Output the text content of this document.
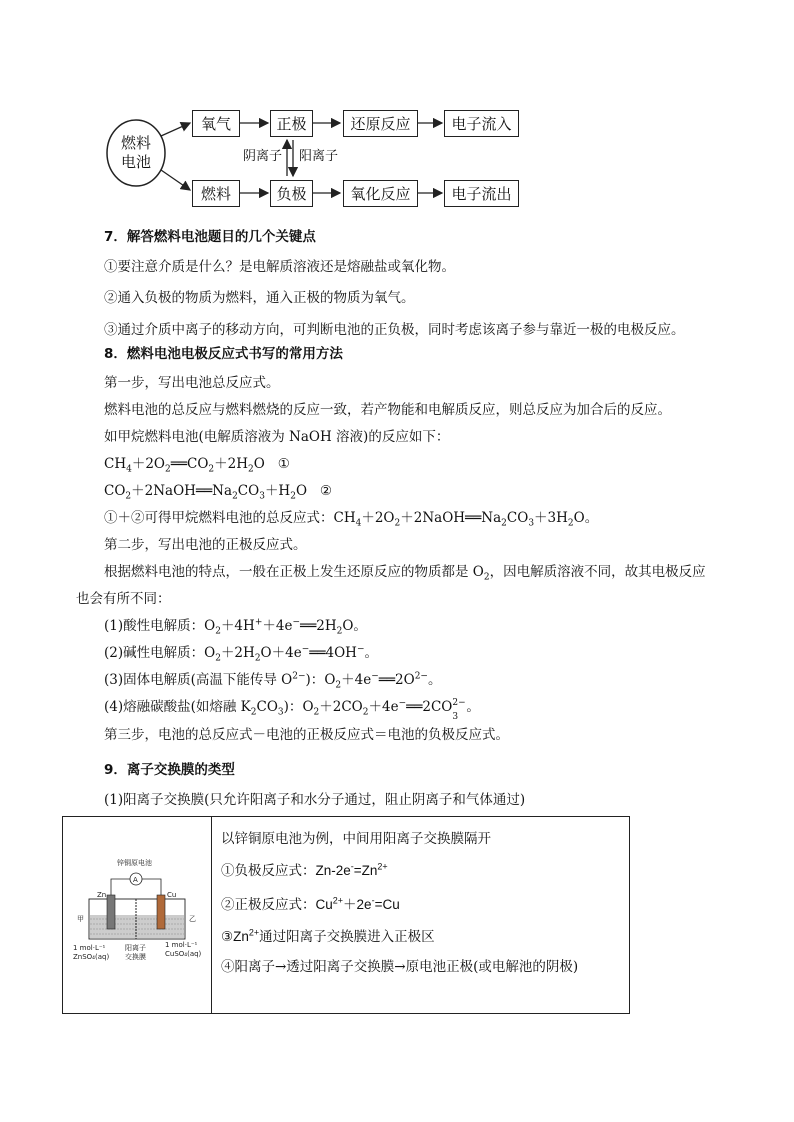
燃料
电池
氧气	正极	还原反应	电子流入
燃料	负极	氧化反应	电子流出
阴离子 阳离子
7．解答燃料电池题目的几个关键点
①要注意介质是什么？是电解质溶液还是熔融盐或氧化物。
②通入负极的物质为燃料，通入正极的物质为氧气。
③通过介质中离子的移动方向，可判断电池的正负极，同时考虑该离子参与靠近一极的电极反应。
8．燃料电池电极反应式书写的常用方法
第一步，写出电池总反应式。
燃料电池的总反应与燃料燃烧的反应一致，若产物能和电解质反应，则总反应为加合后的反应。
如甲烷燃料电池(电解质溶液为 NaOH 溶液)的反应如下：
$CH_4+2O_2══CO_2+2H_2O$   ①
$CO_2+2NaOH══Na_2CO_3+H_2O$   ②
①＋②可得甲烷燃料电池的总反应式：$CH_4+2O_2+2NaOH══Na_2CO_3+3H_2O$。
第二步，写出电池的正极反应式。
根据燃料电池的特点，一般在正极上发生还原反应的物质都是 $O_2$，因电解质溶液不同，故其电极反应
也会有所不同：
(1)酸性电解质：$O_2+4H^++4e^-══2H_2O$。
(2)碱性电解质：$O_2+2H_2O+4e^-══4OH^-$。
(3)固体电解质(高温下能传导 $O^{2-}$)：$O_2+4e^-══2O^{2-}$。
(4)熔融碳酸盐(如熔融 $K_2CO_3$)：$O_2+2CO_2+4e^-══2CO$ 2−
3
。
第三步，电池的总反应式－电池的正极反应式＝电池的负极反应式。
9．离子交换膜的类型
(1)阳离子交换膜(只允许阳离子和水分子通过，阻止阴离子和气体通过)
锌铜原电池
A
Zn	Cu
甲	乙
阳离子
交换膜
1 mol·L⁻¹
ZnSO₄(aq)
1 mol·L⁻¹
CuSO₄(aq)
以锌铜原电池为例，中间用阳离子交换膜隔开
①负极反应式：$Zn-2e^-=Zn^{2+}$
②正极反应式：$Cu^{2+}+2e^-=Cu$
$③Zn^{2+}$通过阳离子交换膜进入正极区
④阳离子→透过阳离子交换膜→原电池正极(或电解池的阴极)
